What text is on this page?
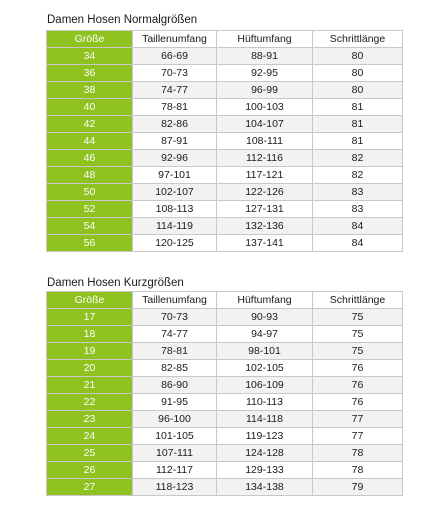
Damen Hosen Normalgrößen
Größe	Taillenumfang	Hüftumfang	Schrittlänge
34	66-69	88-91	80
36	70-73	92-95	80
38	74-77	96-99	80
40	78-81	100-103	81
42	82-86	104-107	81
44	87-91	108-111	81
46	92-96	112-116	82
48	97-101	117-121	82
50	102-107	122-126	83
52	108-113	127-131	83
54	114-119	132-136	84
56	120-125	137-141	84
Damen Hosen Kurzgrößen
Größe	Taillenumfang	Hüftumfang	Schrittlänge
17	70-73	90-93	75
18	74-77	94-97	75
19	78-81	98-101	75
20	82-85	102-105	76
21	86-90	106-109	76
22	91-95	110-113	76
23	96-100	114-118	77
24	101-105	119-123	77
25	107-111	124-128	78
26	112-117	129-133	78
27	118-123	134-138	79
